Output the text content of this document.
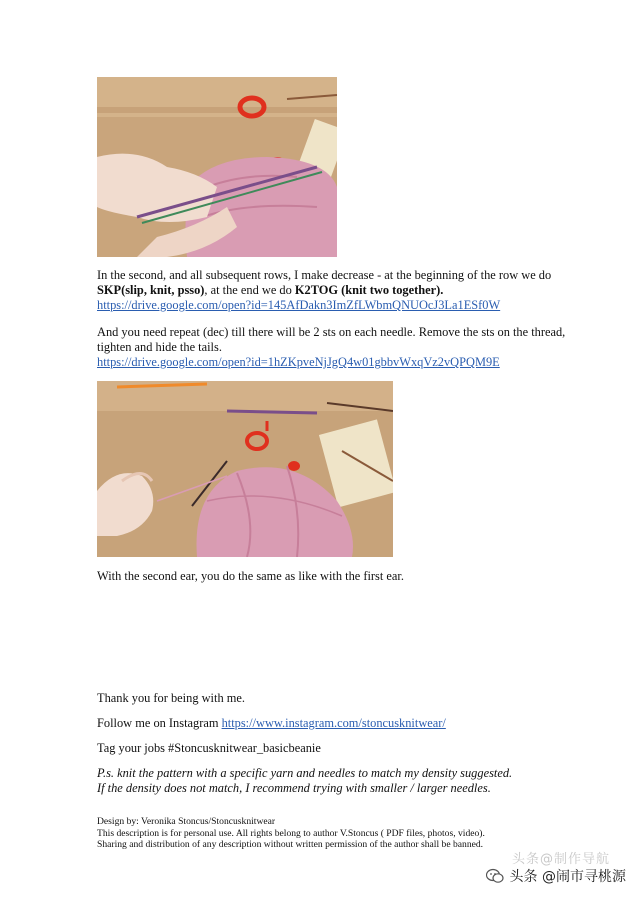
In the second, and all subsequent rows, I make decrease - at the beginning of the row we do SKP(slip, knit, psso), at the end we do K2TOG (knit two together).
https://drive.google.com/open?id=145AfDakn3ImZfLWbmQNUOcJ3La1ESf0W

And you need repeat (dec) till there will be 2 sts on each needle. Remove the sts on the thread, tighten and hide the tails.
https://drive.google.com/open?id=1hZKpveNjJgQ4w01gbbvWxqVz2vQPQM9E

With the second ear, you do the same as like with the first ear.

Thank you for being with me.

Follow me on Instagram https://www.instagram.com/stoncusknitwear/

Tag your jobs #Stoncusknitwear_basicbeanie

P.s. knit the pattern with a specific yarn and needles to match my density suggested.
If the density does not match, I recommend trying with smaller / larger needles.

Design by: Veronika Stoncus/Stoncusknitwear
This description is for personal use. All rights belong to author V.Stoncus ( PDF files, photos, video).
Sharing and distribution of any description without written permission of the author shall be banned.
头条@制作导航
头条 @闹市寻桃源
